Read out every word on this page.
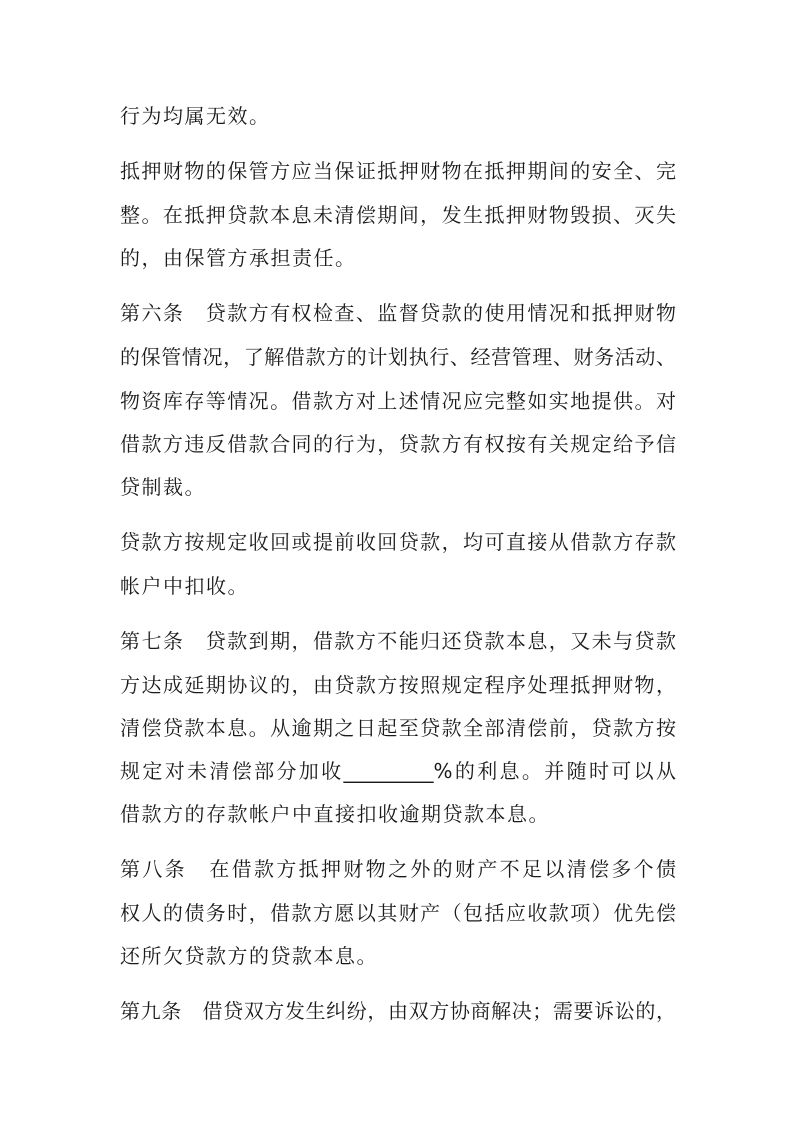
行为均属无效。
抵押财物的保管方应当保证抵押财物在抵押期间的安全、完
整。在抵押贷款本息未清偿期间，发生抵押财物毁损、灭失
的，由保管方承担责任。
第六条　贷款方有权检查、监督贷款的使用情况和抵押财物
的保管情况，了解借款方的计划执行、经营管理、财务活动、
物资库存等情况。借款方对上述情况应完整如实地提供。对
借款方违反借款合同的行为，贷款方有权按有关规定给予信
贷制裁。
贷款方按规定收回或提前收回贷款，均可直接从借款方存款
帐户中扣收。
第七条　贷款到期，借款方不能归还贷款本息，又未与贷款
方达成延期协议的，由贷款方按照规定程序处理抵押财物，
清偿贷款本息。从逾期之日起至贷款全部清偿前，贷款方按
规定对未清偿部分加收_________%的利息。并随时可以从
借款方的存款帐户中直接扣收逾期贷款本息。
第八条　在借款方抵押财物之外的财产不足以清偿多个债
权人的债务时，借款方愿以其财产（包括应收款项）优先偿
还所欠贷款方的贷款本息。
第九条　借贷双方发生纠纷，由双方协商解决；需要诉讼的，
